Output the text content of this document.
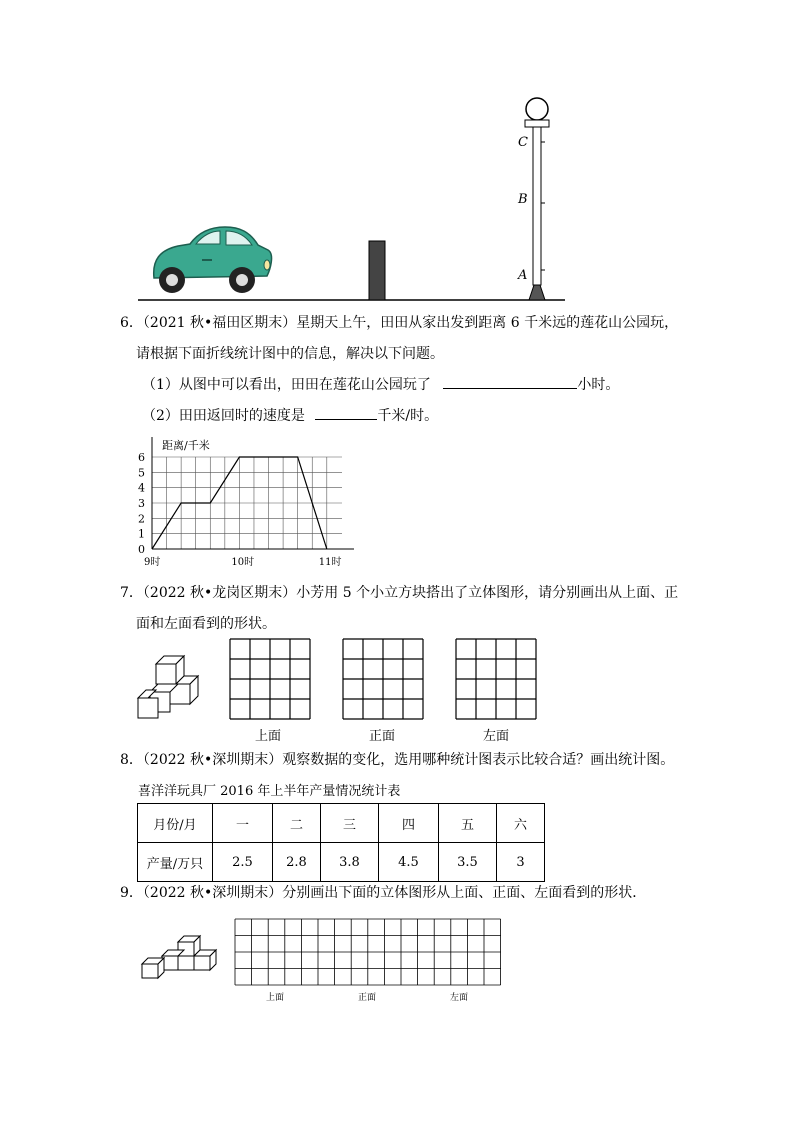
C
B
A
6．（2021 秋•福田区期末）星期天上午，田田从家出发到距离 6 千米远的莲花山公园玩，
请根据下面折线统计图中的信息，解决以下问题。
（1）从图中可以看出，田田在莲花山公园玩了	小时。
（2）田田返回时的速度是	千米/时。
距离/千米
0
1
2
3
4
5
6
9时	10时	11时
7．（2022 秋•龙岗区期末）小芳用 5 个小立方块搭出了立体图形，请分别画出从上面、正
面和左面看到的形状。
上面	正面	左面
8．（2022 秋•深圳期末）观察数据的变化，选用哪种统计图表示比较合适？画出统计图。
喜洋洋玩具厂 2016 年上半年产量情况统计表
月份/月	一	二	三	四	五	六
产量/万只	2.5	2.8	3.8	4.5	3.5	3
9．（2022 秋•深圳期末）分别画出下面的立体图形从上面、正面、左面看到的形状．
上面	正面	左面
